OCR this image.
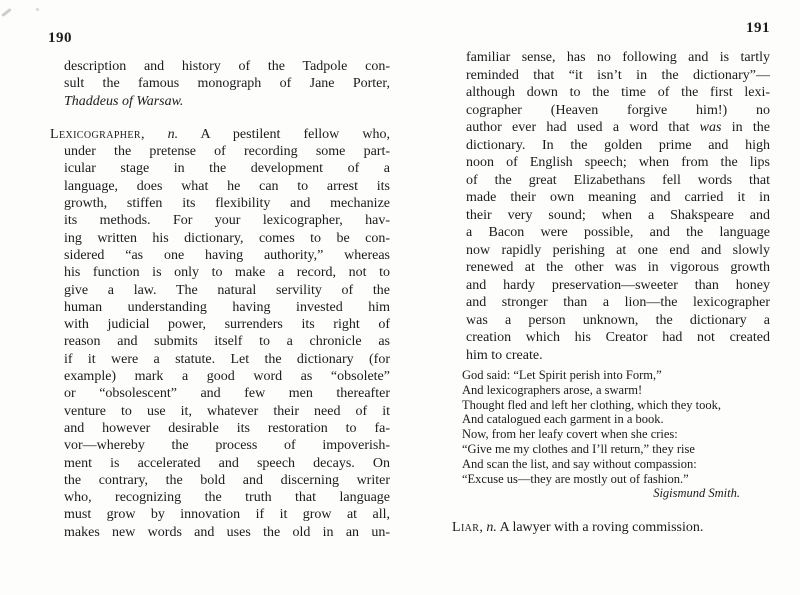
190
191
description and history of the Tadpole con-
sult the famous monograph of Jane Porter,
Thaddeus of Warsaw.
Lexicographer, n. A pestilent fellow who,
under the pretense of recording some part-
icular stage in the development of a
language, does what he can to arrest its
growth, stiffen its flexibility and mechanize
its methods. For your lexicographer, hav-
ing written his dictionary, comes to be con-
sidered “as one having authority,” whereas
his function is only to make a record, not to
give a law. The natural servility of the
human understanding having invested him
with judicial power, surrenders its right of
reason and submits itself to a chronicle as
if it were a statute. Let the dictionary (for
example) mark a good word as “obsolete”
or “obsolescent” and few men thereafter
venture to use it, whatever their need of it
and however desirable its restoration to fa-
vor—whereby the process of impoverish-
ment is accelerated and speech decays. On
the contrary, the bold and discerning writer
who, recognizing the truth that language
must grow by innovation if it grow at all,
makes new words and uses the old in an un-
familiar sense, has no following and is tartly
reminded that “it isn’t in the dictionary”—
although down to the time of the first lexi-
cographer (Heaven forgive him!) no
author ever had used a word that was in the
dictionary. In the golden prime and high
noon of English speech; when from the lips
of the great Elizabethans fell words that
made their own meaning and carried it in
their very sound; when a Shakspeare and
a Bacon were possible, and the language
now rapidly perishing at one end and slowly
renewed at the other was in vigorous growth
and hardy preservation—sweeter than honey
and stronger than a lion—the lexicographer
was a person unknown, the dictionary a
creation which his Creator had not created
him to create.
God said: “Let Spirit perish into Form,”
And lexicographers arose, a swarm!
Thought fled and left her clothing, which they took,
And catalogued each garment in a book.
Now, from her leafy covert when she cries:
“Give me my clothes and I’ll return,” they rise
And scan the list, and say without compassion:
“Excuse us—they are mostly out of fashion.”
Sigismund Smith.
Liar, n. A lawyer with a roving commission.
